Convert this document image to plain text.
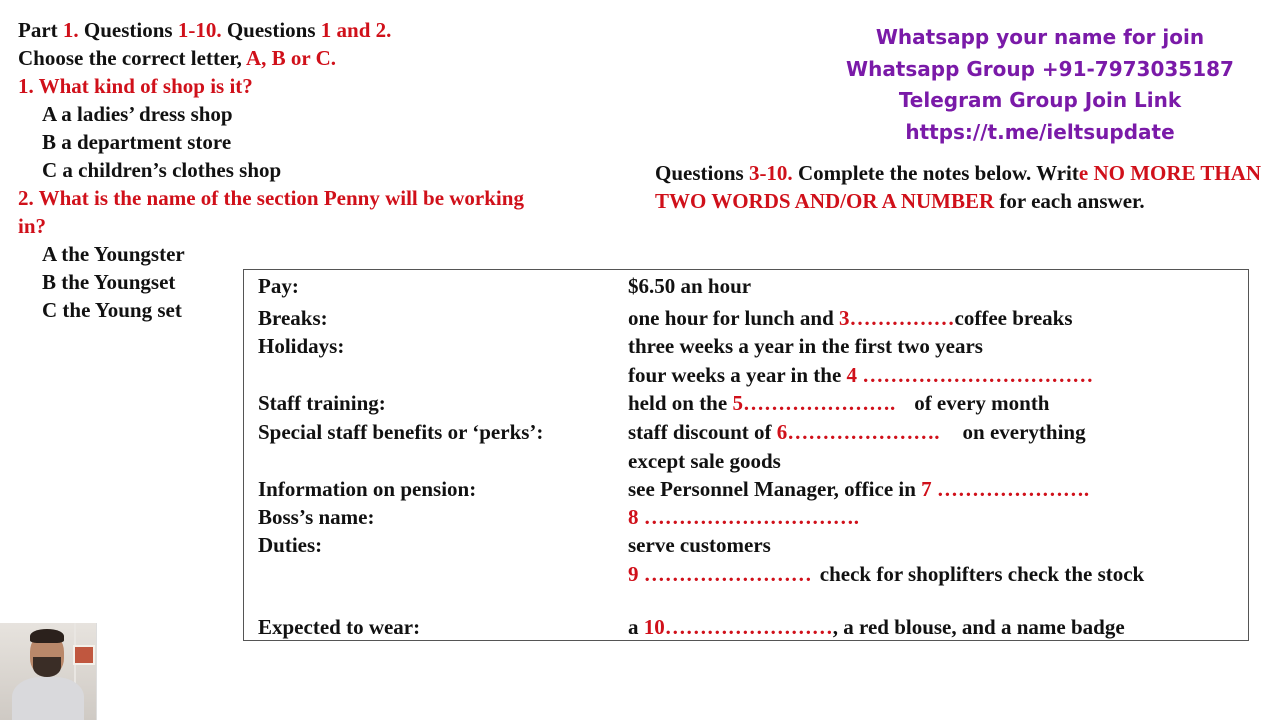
Part 1. Questions 1-10. Questions 1 and 2.
Choose the correct letter, A, B or C.
1. What kind of shop is it?
A a ladies’ dress shop
B a department store
C a children’s clothes shop
2. What is the name of the section Penny will be working
in?
A the Youngster
B the Youngset
C the Young set
Whatsapp your name for join
Whatsapp Group +91-7973035187
Telegram Group Join Link
https://t.me/ieltsupdate
Questions 3-10. Complete the notes below. Write NO MORE THAN TWO WORDS AND/OR A NUMBER for each answer.
Pay:	$6.50 an hour
Breaks:	one hour for lunch and 3……………coffee breaks
Holidays:	three weeks a year in the first two years
four weeks a year in the 4 ……………………………
Staff training:	held on the 5…………………. of every month
Special staff benefits or ‘perks’:	staff discount of 6…………………. on everything
except sale goods
Information on pension:	see Personnel Manager, office in 7 ………………….
Boss’s name:	8 ………………………….
Duties:	serve customers
9 …………………… check for shoplifters check the stock
Expected to wear:	a 10……………………, a red blouse, and a name badge
